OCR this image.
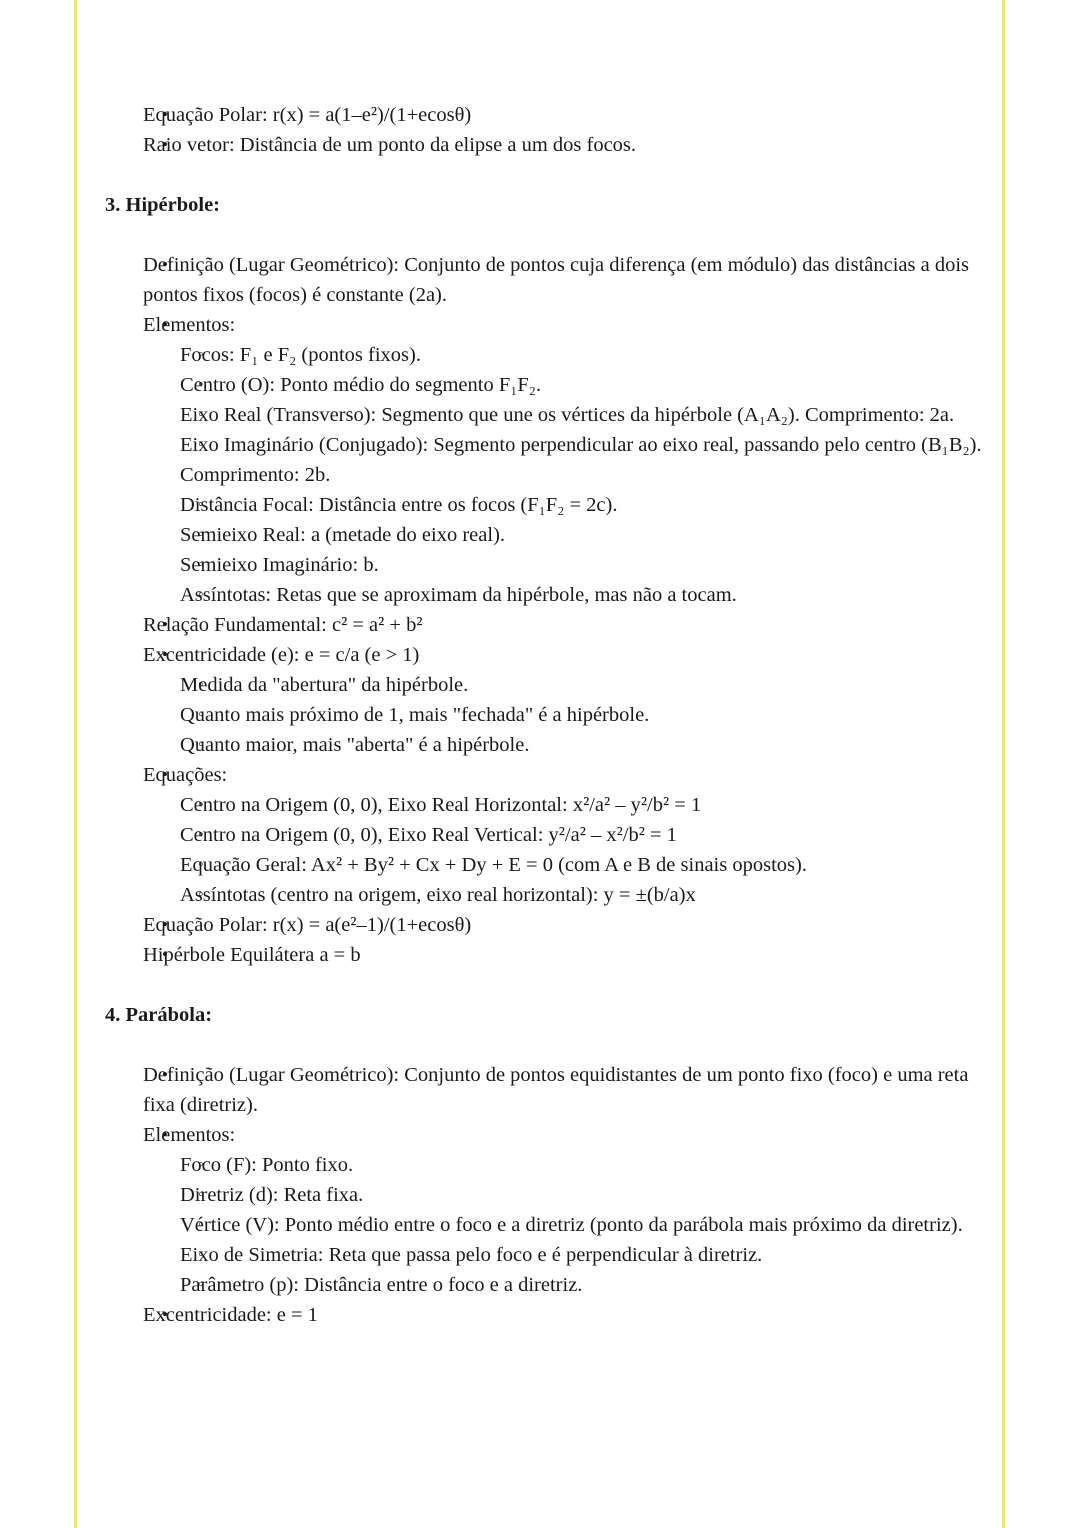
• Equação Polar: r(x) = a(1–e²)/(1+ecosθ)
• Raio vetor: Distância de um ponto da elipse a um dos focos.

3. Hipérbole:

• Definição (Lugar Geométrico): Conjunto de pontos cuja diferença (em módulo) das distâncias a dois pontos fixos (focos) é constante (2a).
• Elementos:
◦ Focos: F₁ e F₂ (pontos fixos).
◦ Centro (O): Ponto médio do segmento F₁F₂.
◦ Eixo Real (Transverso): Segmento que une os vértices da hipérbole (A₁A₂). Comprimento: 2a.
◦ Eixo Imaginário (Conjugado): Segmento perpendicular ao eixo real, passando pelo centro (B₁B₂). Comprimento: 2b.
◦ Distância Focal: Distância entre os focos (F₁F₂ = 2c).
◦ Semieixo Real: a (metade do eixo real).
◦ Semieixo Imaginário: b.
◦ Assíntotas: Retas que se aproximam da hipérbole, mas não a tocam.
• Relação Fundamental: c² = a² + b²
• Excentricidade (e): e = c/a (e > 1)
◦ Medida da "abertura" da hipérbole.
◦ Quanto mais próximo de 1, mais "fechada" é a hipérbole.
◦ Quanto maior, mais "aberta" é a hipérbole.
• Equações:
◦ Centro na Origem (0, 0), Eixo Real Horizontal: x²/a² – y²/b² = 1
◦ Centro na Origem (0, 0), Eixo Real Vertical: y²/a² – x²/b² = 1
◦ Equação Geral: Ax² + By² + Cx + Dy + E = 0 (com A e B de sinais opostos).
◦ Assíntotas (centro na origem, eixo real horizontal): y = ±(b/a)x
• Equação Polar: r(x) = a(e²–1)/(1+ecosθ)
• Hipérbole Equilátera a = b

4. Parábola:

• Definição (Lugar Geométrico): Conjunto de pontos equidistantes de um ponto fixo (foco) e uma reta fixa (diretriz).
• Elementos:
◦ Foco (F): Ponto fixo.
◦ Diretriz (d): Reta fixa.
◦ Vértice (V): Ponto médio entre o foco e a diretriz (ponto da parábola mais próximo da diretriz).
◦ Eixo de Simetria: Reta que passa pelo foco e é perpendicular à diretriz.
◦ Parâmetro (p): Distância entre o foco e a diretriz.
• Excentricidade: e = 1
